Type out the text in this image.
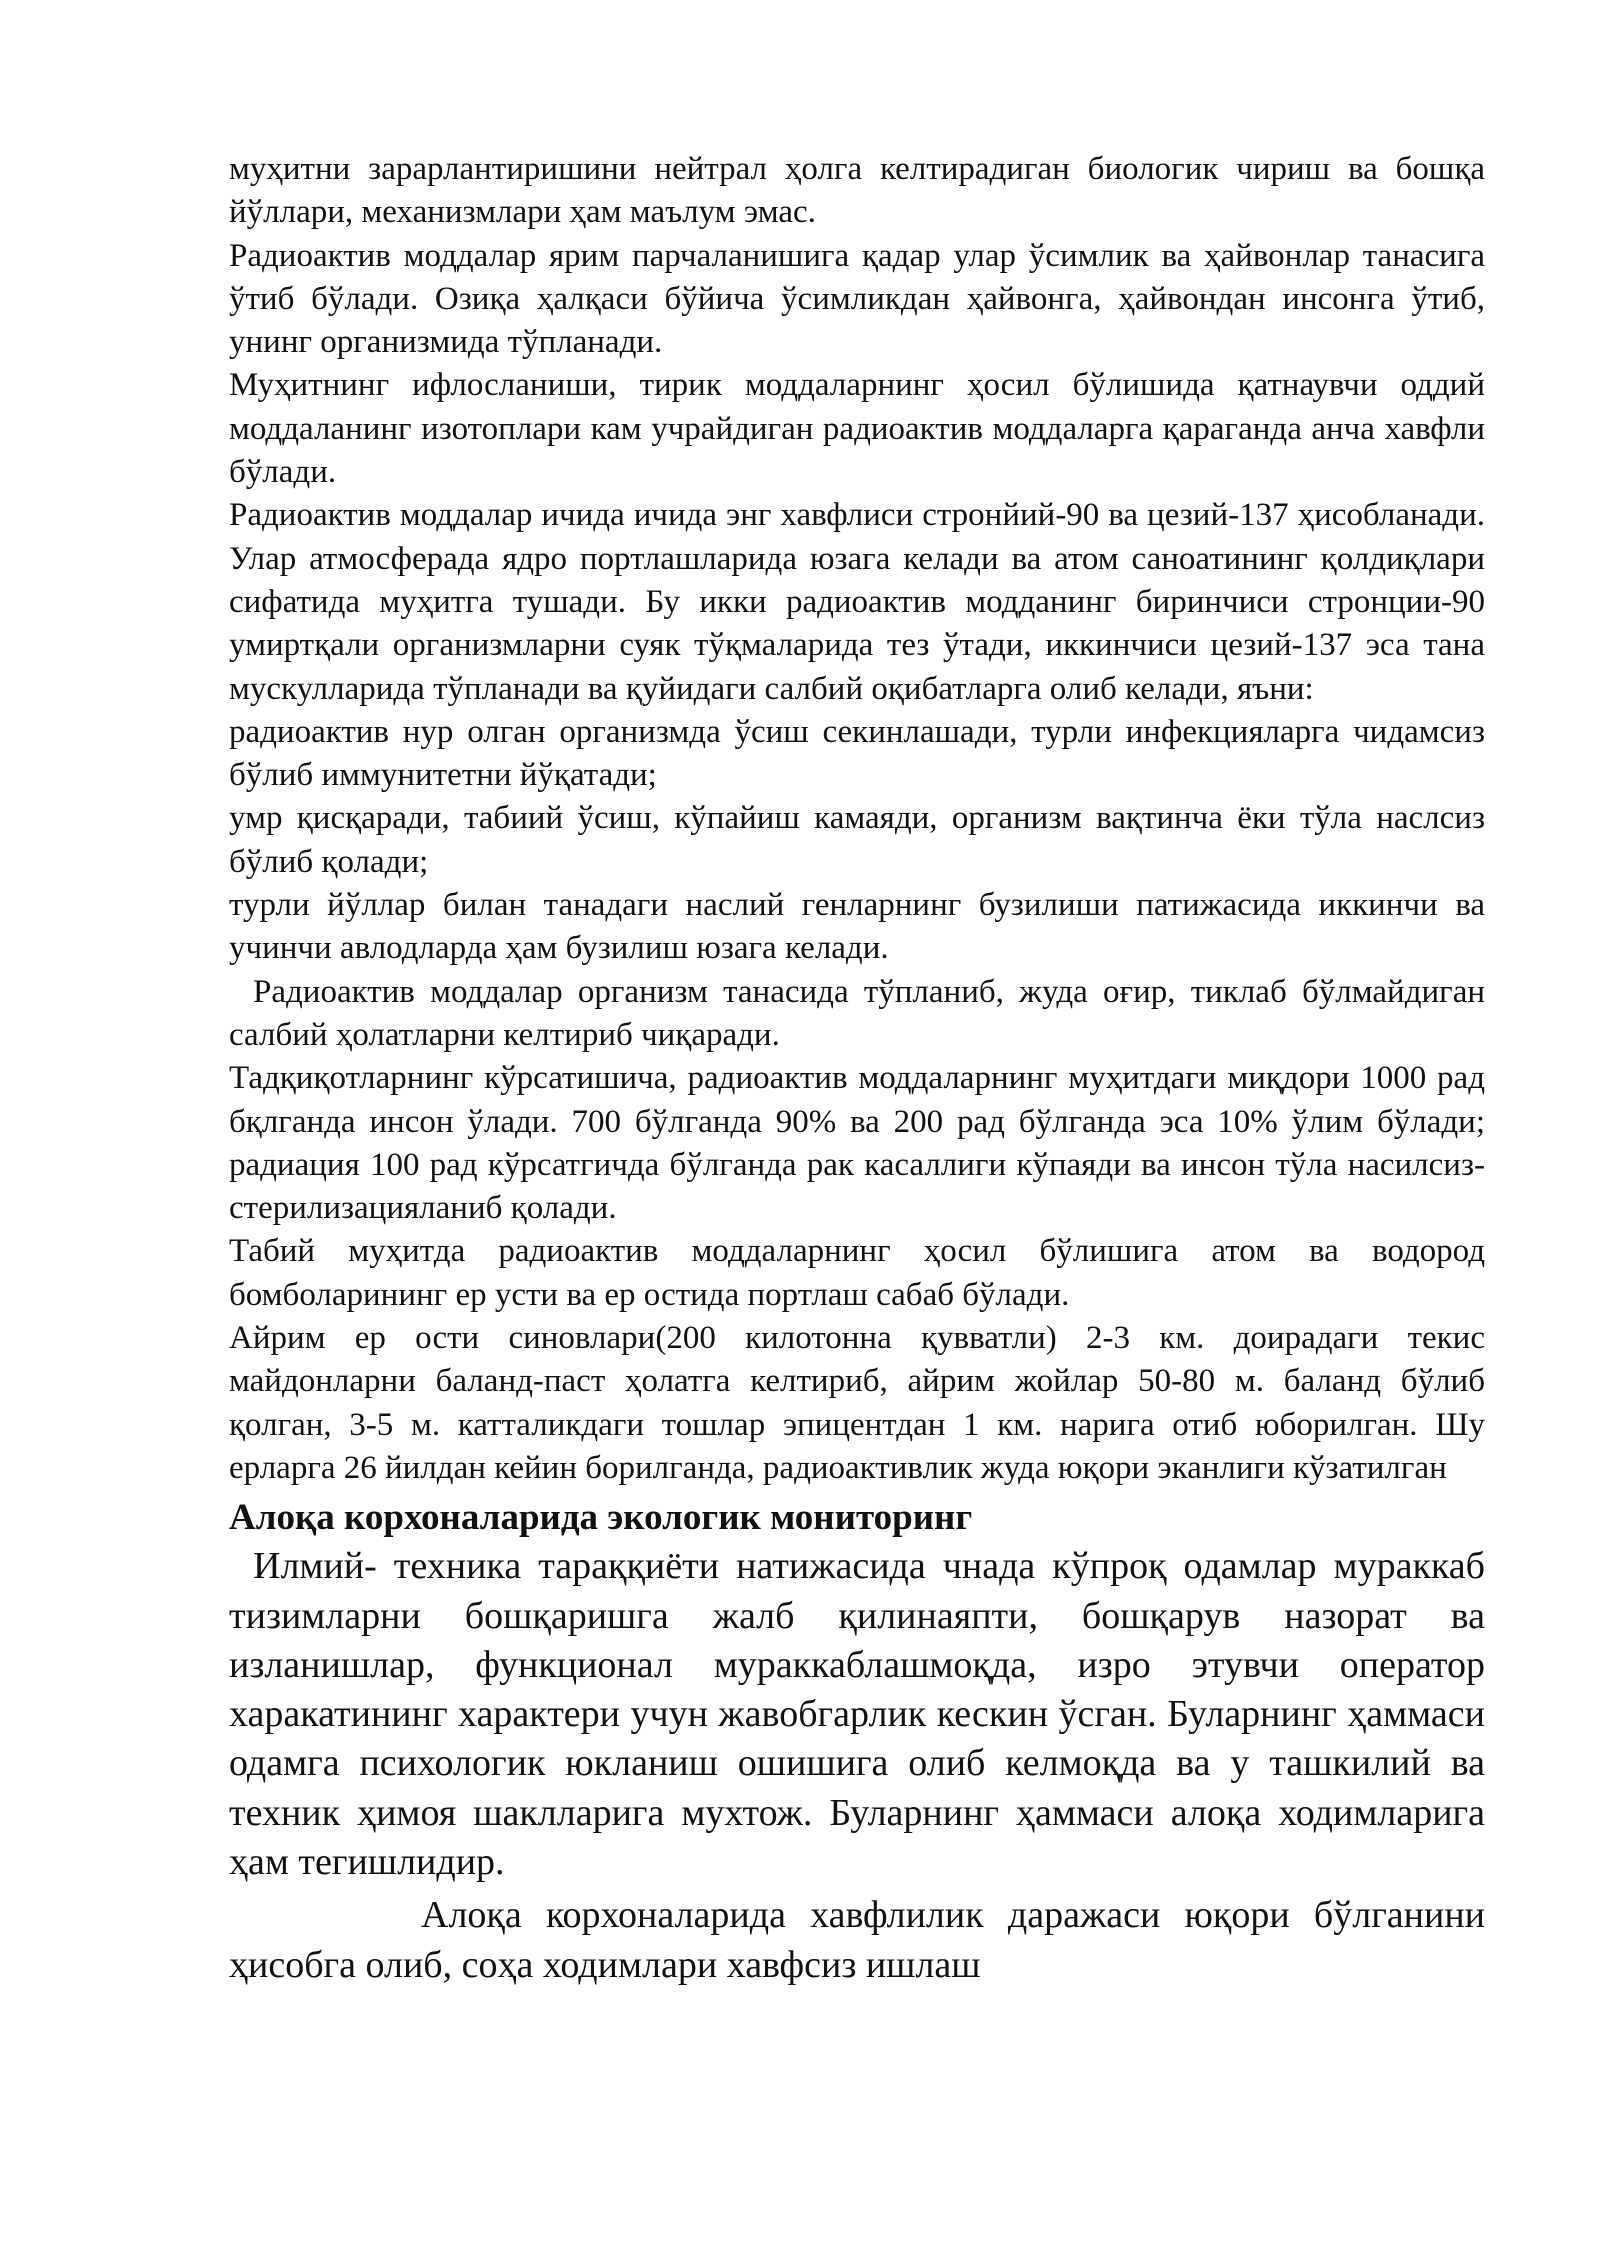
муҳитни зарарлантиришини нейтрал ҳолга келтирадиган биологик чириш ва бошқа йўллари, механизмлари ҳам маълум эмас.

Радиоактив моддалар ярим парчаланишига қадар улар ўсимлик ва ҳайвонлар танасига ўтиб бўлади. Озиқа ҳалқаси бўйича ўсимликдан ҳайвонга, ҳайвондан инсонга ўтиб, унинг организмида тўпланади.

Муҳитнинг ифлосланиши, тирик моддаларнинг ҳосил бўлишида қатнаувчи оддий моддаланинг изотоплари кам учрайдиган радиоактив моддаларга қараганда анча хавфли бўлади.

Радиоактив моддалар ичида ичида энг хавфлиси стронйий-90 ва цезий-137 ҳисобланади. Улар атмосферада ядро портлашларида юзага келади ва атом саноатининг қолдиқлари сифатида муҳитга тушади. Бу икки радиоактив модданинг биринчиси стронции-90 умиртқали организмларни суяк тўқмаларида тез ўтади, иккинчиси цезий-137 эса тана мускулларида тўпланади ва қуйидаги салбий оқибатларга олиб келади, яъни:

радиоактив нур олган организмда ўсиш секинлашади, турли инфекцияларга чидамсиз бўлиб иммунитетни йўқатади;

умр қисқаради, табиий ўсиш, кўпайиш камаяди, организм вақтинча ёки тўла наслсиз бўлиб қолади;

турли йўллар билан танадаги наслий генларнинг бузилиши патижасида иккинчи ва учинчи авлодларда ҳам бузилиш юзага келади.

Радиоактив моддалар организм танасида тўпланиб, жуда оғир, тиклаб бўлмайдиган салбий ҳолатларни келтириб чиқаради.

Тадқиқотларнинг кўрсатишича, радиоактив моддаларнинг муҳитдаги миқдори 1000 рад бқлганда инсон ўлади. 700 бўлганда 90% ва 200 рад бўлганда эса 10% ўлим бўлади; радиация 100 рад кўрсатгичда бўлганда рак касаллиги кўпаяди ва инсон тўла насилсиз-стерилизацияланиб қолади.

Табий муҳитда радиоактив моддаларнинг ҳосил бўлишига атом ва водород бомболарининг ер усти ва ер остида портлаш сабаб бўлади.

Айрим ер ости синовлари(200 килотонна қувватли) 2-3 км. доирадаги текис майдонларни баланд-паст ҳолатга келтириб, айрим жойлар 50-80 м. баланд бўлиб қолган, 3-5 м. катталикдаги тошлар эпицентдан 1 км. нарига отиб юборилган. Шу ерларга 26 йилдан кейин борилганда, радиоактивлик жуда юқори эканлиги кўзатилган

Алоқа корхоналарида экологик мониторинг

Илмий- техника тараққиёти натижасида чнада кўпроқ одамлар мураккаб тизимларни бошқаришга жалб қилинаяпти, бошқарув назорат ва изланишлар, функционал мураккаблашмоқда, изро этувчи оператор харакатининг характери учун жавобгарлик кескин ўсган. Буларнинг ҳаммаси одамга психологик юкланиш ошишига олиб келмоқда ва у ташкилий ва техник ҳимоя шаклларига мухтож. Буларнинг ҳаммаси алоқа ходимларига ҳам тегишлидир.

Алоқа корхоналарида хавфлилик даражаси юқори бўлганини ҳисобга олиб, соҳа ходимлари хавфсиз ишлаш
